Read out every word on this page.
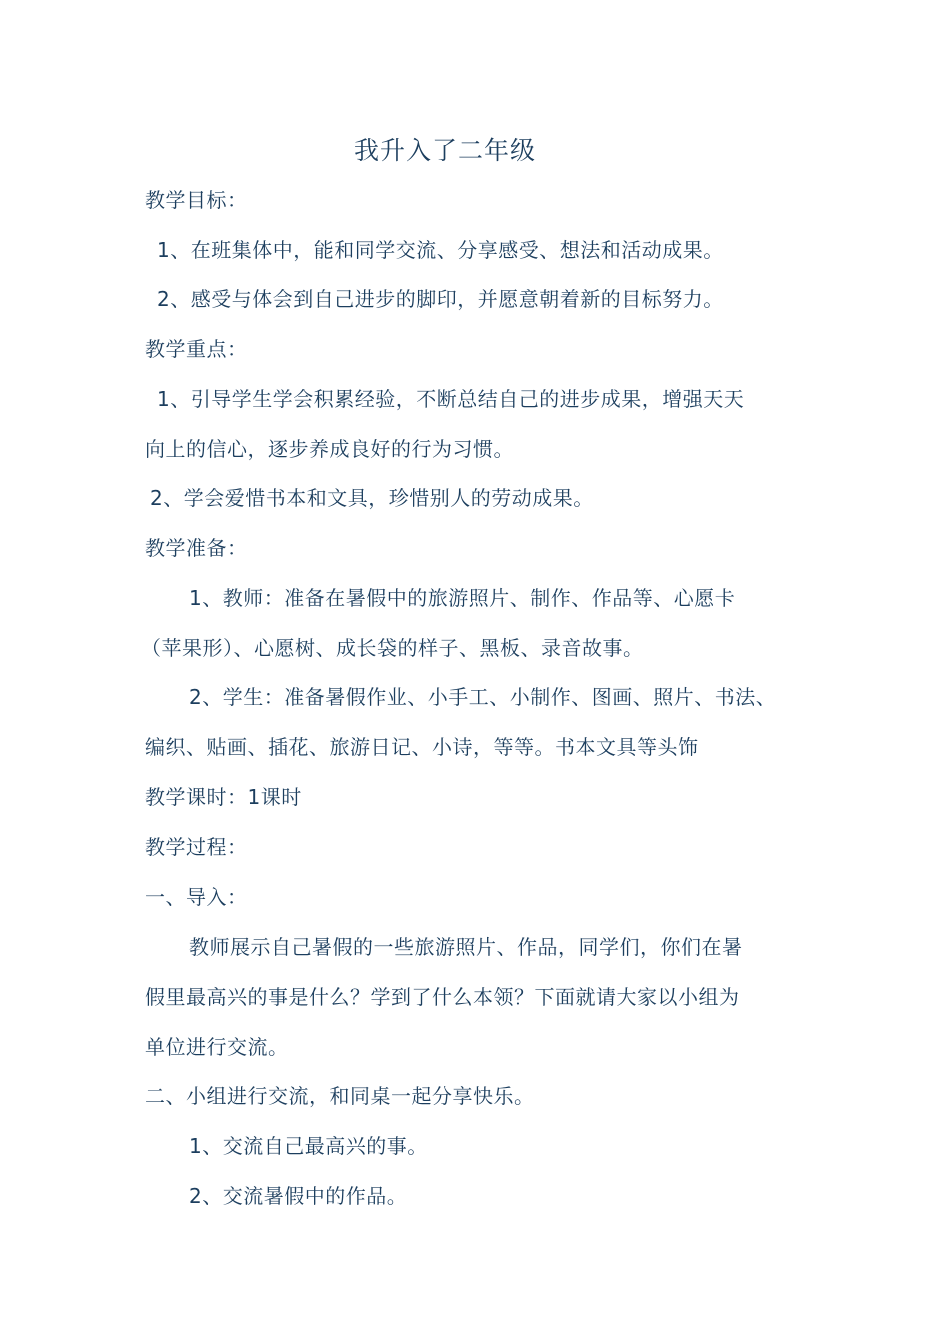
我升入了二年级
教学目标：
1、在班集体中，能和同学交流、分享感受、想法和活动成果。
2、感受与体会到自己进步的脚印，并愿意朝着新的目标努力。
教学重点：
1、引导学生学会积累经验，不断总结自己的进步成果，增强天天
向上的信心，逐步养成良好的行为习惯。
2、学会爱惜书本和文具，珍惜别人的劳动成果。
教学准备：
1、教师：准备在暑假中的旅游照片、制作、作品等、心愿卡
（苹果形）、心愿树、成长袋的样子、黑板、录音故事。
2、学生：准备暑假作业、小手工、小制作、图画、照片、书法、
编织、贴画、插花、旅游日记、小诗，等等。书本文具等头饰
教学课时：1课时
教学过程：
一、导入：
教师展示自己暑假的一些旅游照片、作品，同学们，你们在暑
假里最高兴的事是什么？学到了什么本领？下面就请大家以小组为
单位进行交流。
二、小组进行交流，和同桌一起分享快乐。
1、交流自己最高兴的事。
2、交流暑假中的作品。
